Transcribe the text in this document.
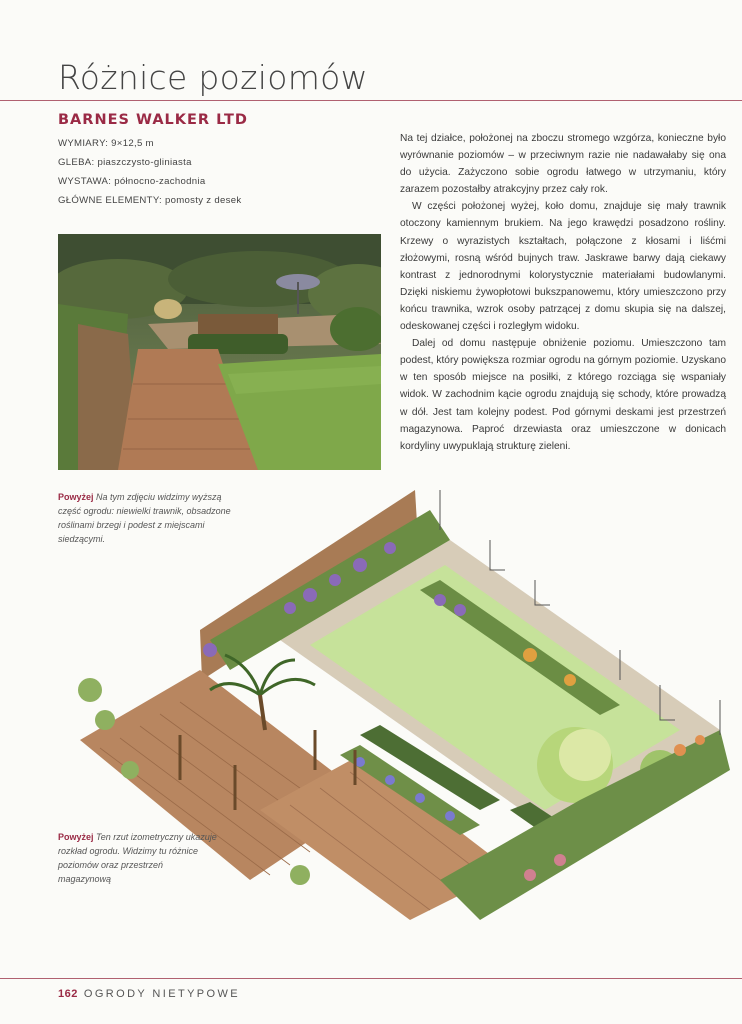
Różnice poziomów
BARNES WALKER LTD
WYMIARY: 9×12,5 m
GLEBA: piaszczysto-gliniasta
WYSTAWA: północno-zachodnia
GŁÓWNE ELEMENTY: pomosty z desek

Na tej działce, położonej na zboczu stromego wzgórza, konieczne było wyrównanie poziomów – w przeciwnym razie nie nadawałaby się ona do użycia. Zażyczono sobie ogrodu łatwego w utrzymaniu, który zarazem pozostałby atrakcyjny przez cały rok.

W części położonej wyżej, koło domu, znajduje się mały trawnik otoczony kamiennym brukiem. Na jego krawędzi posadzono rośliny. Krzewy o wyrazistych kształtach, połączone z kłosami i liśćmi złożowymi, rosną wśród bujnych traw. Jaskrawe barwy dają ciekawy kontrast z jednorodnymi kolorystycznie materiałami budowlanymi. Dzięki niskiemu żywopłotowi bukszpanowemu, który umieszczono przy końcu trawnika, wzrok osoby patrzącej z domu skupia się na dalszej, odeskowanej części i rozległym widoku.

Dalej od domu następuje obniżenie poziomu. Umieszczono tam podest, który powiększa rozmiar ogrodu na górnym poziomie. Uzyskano w ten sposób miejsce na posiłki, z którego rozciąga się wspaniały widok. W zachodnim kącie ogrodu znajdują się schody, które prowadzą w dół. Jest tam kolejny podest. Pod górnymi deskami jest przestrzeń magazynowa. Paproć drzewiasta oraz umieszczone w donicach kordyliny uwypuklają strukturę zieleni.

Powyżej Na tym zdjęciu widzimy wyższą część ogrodu: niewielki trawnik, obsadzone roślinami brzegi i podest z miejscami siedzącymi.
Powyżej Ten rzut izometryczny ukazuje rozkład ogrodu. Widzimy tu różnice poziomów oraz przestrzeń magazynową
162 OGRODY NIETYPOWE
